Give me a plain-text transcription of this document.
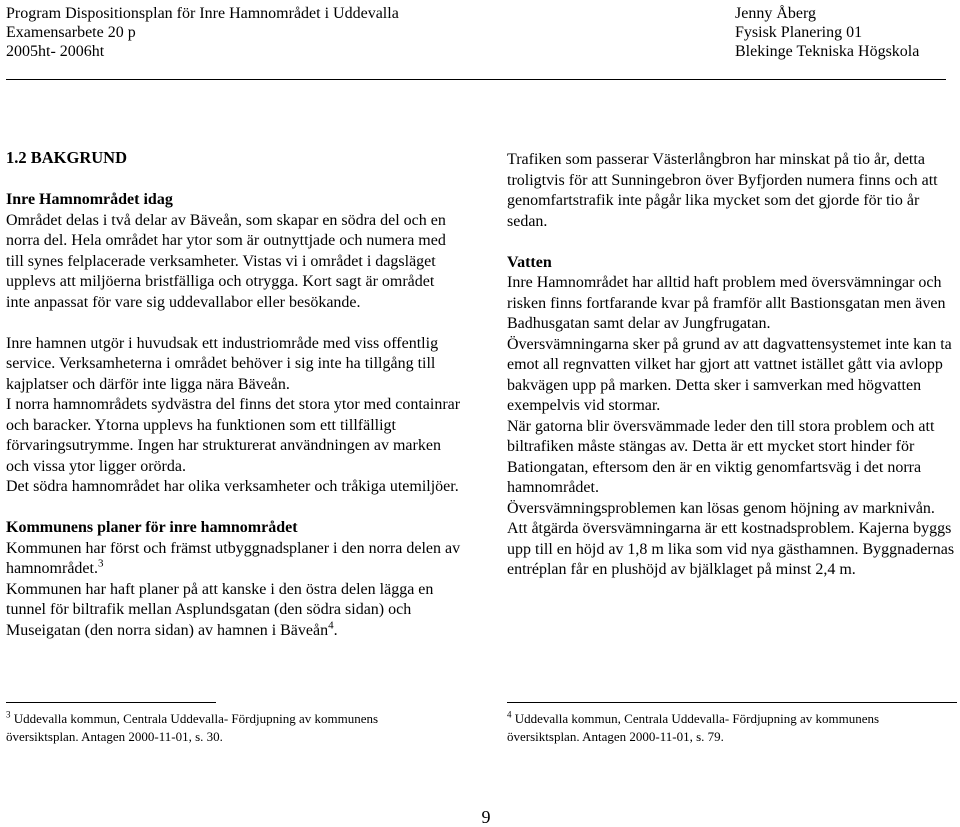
Program Dispositionsplan för Inre Hamnområdet i Uddevalla
Examensarbete 20 p
2005ht- 2006ht
Jenny Åberg
Fysisk Planering 01
Blekinge Tekniska Högskola

1.2 BAKGRUND

Inre Hamnområdet idag

Området delas i två delar av Bäveån, som skapar en södra del och en norra del. Hela området har ytor som är outnyttjade och numera med till synes felplacerade verksamheter. Vistas vi i området i dagsläget upplevs att miljöerna bristfälliga och otrygga. Kort sagt är området inte anpassat för vare sig uddevallabor eller besökande.

Inre hamnen utgör i huvudsak ett industriområde med viss offentlig service. Verksamheterna i området behöver i sig inte ha tillgång till kajplatser och därför inte ligga nära Bäveån.

I norra hamnområdets sydvästra del finns det stora ytor med containrar och baracker. Ytorna upplevs ha funktionen som ett tillfälligt förvaringsutrymme. Ingen har strukturerat användningen av marken och vissa ytor ligger orörda.

Det södra hamnområdet har olika verksamheter och tråkiga utemiljöer.

Kommunens planer för inre hamnområdet

Kommunen har först och främst utbyggnadsplaner i den norra delen av hamnområdet.$^3$

Kommunen har haft planer på att kanske i den östra delen lägga en tunnel för biltrafik mellan Asplundsgatan (den södra sidan) och Museigatan (den norra sidan) av hamnen i Bäveån$^4$.

Trafiken som passerar Västerlångbron har minskat på tio år, detta troligtvis för att Sunningebron över Byfjorden numera finns och att genomfartstrafik inte pågår lika mycket som det gjorde för tio år sedan.

Vatten

Inre Hamnområdet har alltid haft problem med översvämningar och risken finns fortfarande kvar på framför allt Bastionsgatan men även Badhusgatan samt delar av Jungfrugatan.

Översvämningarna sker på grund av att dagvattensystemet inte kan ta emot all regnvatten vilket har gjort att vattnet istället gått via avlopp bakvägen upp på marken. Detta sker i samverkan med högvatten exempelvis vid stormar.

När gatorna blir översvämmade leder den till stora problem och att biltrafiken måste stängas av. Detta är ett mycket stort hinder för Bationgatan, eftersom den är en viktig genomfartsväg i det norra hamnområdet.

Översvämningsproblemen kan lösas genom höjning av marknivån. Att åtgärda översvämningarna är ett kostnadsproblem. Kajerna byggs upp till en höjd av 1,8 m lika som vid nya gästhamnen. Byggnadernas entréplan får en plushöjd av bjälklaget på minst 2,4 m.

$^3$ Uddevalla kommun, Centrala Uddevalla- Fördjupning av kommunens översiktsplan. Antagen 2000-11-01, s. 30.
$^4$ Uddevalla kommun, Centrala Uddevalla- Fördjupning av kommunens översiktsplan. Antagen 2000-11-01, s. 79.
9
